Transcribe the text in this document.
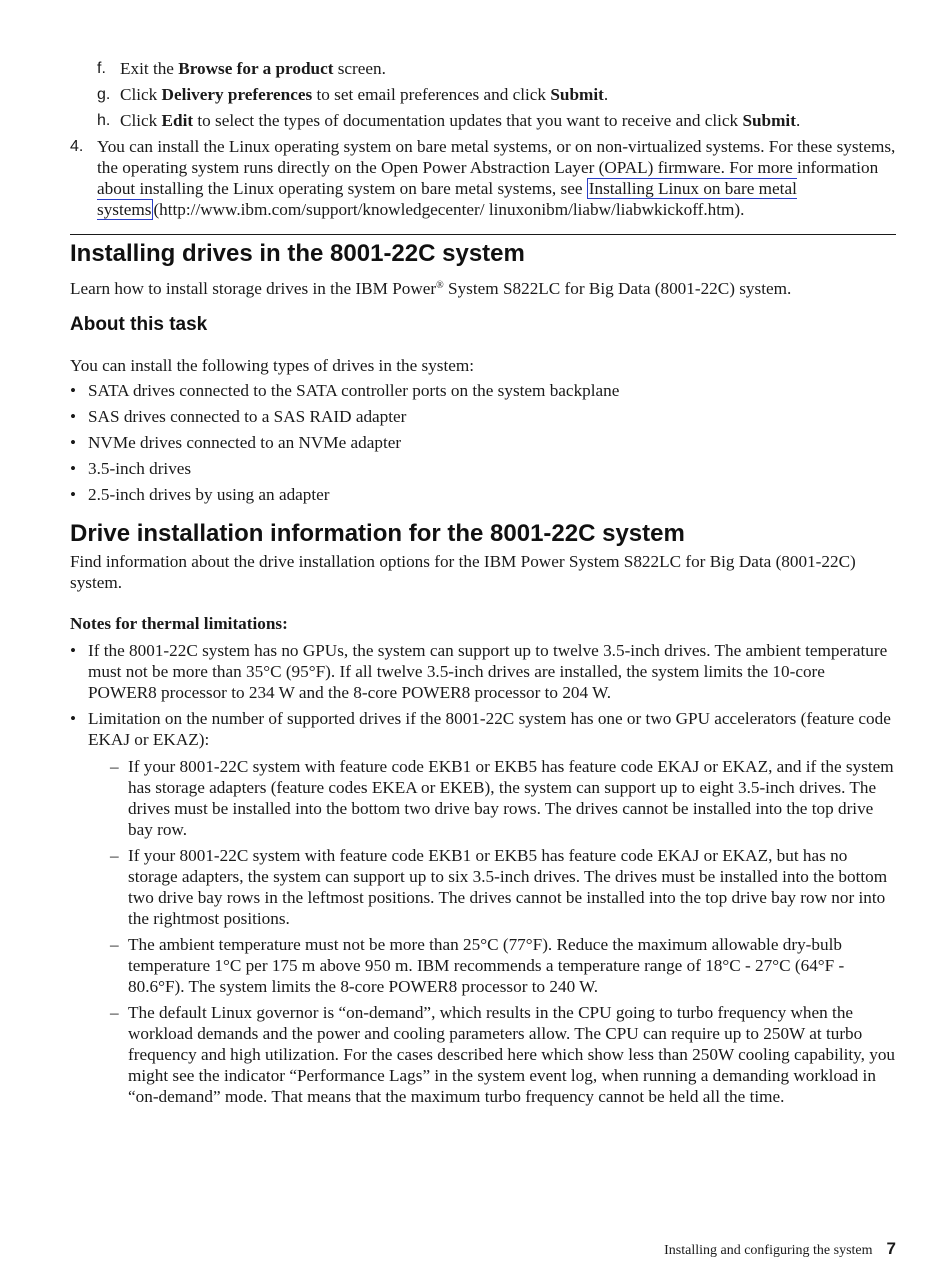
f. Exit the Browse for a product screen.
g. Click Delivery preferences to set email preferences and click Submit.
h. Click Edit to select the types of documentation updates that you want to receive and click Submit.
4. You can install the Linux operating system on bare metal systems, or on non-virtualized systems. For these systems, the operating system runs directly on the Open Power Abstraction Layer (OPAL) firmware. For more information about installing the Linux operating system on bare metal systems, see Installing Linux on bare metal systems (http://www.ibm.com/support/knowledgecenter/ linuxonibm/liabw/liabwkickoff.htm).
Installing drives in the 8001-22C system

Learn how to install storage drives in the IBM Power® System S822LC for Big Data (8001-22C) system.

About this task

You can install the following types of drives in the system:

• SATA drives connected to the SATA controller ports on the system backplane
• SAS drives connected to a SAS RAID adapter
• NVMe drives connected to an NVMe adapter
• 3.5-inch drives
• 2.5-inch drives by using an adapter
Drive installation information for the 8001-22C system

Find information about the drive installation options for the IBM Power System S822LC for Big Data (8001-22C) system.

Notes for thermal limitations:

• If the 8001-22C system has no GPUs, the system can support up to twelve 3.5-inch drives. The ambient temperature must not be more than 35°C (95°F). If all twelve 3.5-inch drives are installed, the system limits the 10-core POWER8 processor to 234 W and the 8-core POWER8 processor to 204 W.
• Limitation on the number of supported drives if the 8001-22C system has one or two GPU accelerators (feature code EKAJ or EKAZ):
– If your 8001-22C system with feature code EKB1 or EKB5 has feature code EKAJ or EKAZ, and if the system has storage adapters (feature codes EKEA or EKEB), the system can support up to eight 3.5-inch drives. The drives must be installed into the bottom two drive bay rows. The drives cannot be installed into the top drive bay row.
– If your 8001-22C system with feature code EKB1 or EKB5 has feature code EKAJ or EKAZ, but has no storage adapters, the system can support up to six 3.5-inch drives. The drives must be installed into the bottom two drive bay rows in the leftmost positions. The drives cannot be installed into the top drive bay row nor into the rightmost positions.
– The ambient temperature must not be more than 25°C (77°F). Reduce the maximum allowable dry-bulb temperature 1°C per 175 m above 950 m. IBM recommends a temperature range of 18°C - 27°C (64°F - 80.6°F). The system limits the 8-core POWER8 processor to 240 W.
– The default Linux governor is “on-demand”, which results in the CPU going to turbo frequency when the workload demands and the power and cooling parameters allow. The CPU can require up to 250W at turbo frequency and high utilization. For the cases described here which show less than 250W cooling capability, you might see the indicator “Performance Lags” in the system event log, when running a demanding workload in “on-demand” mode. That means that the maximum turbo frequency cannot be held all the time.
Installing and configuring the system 7
